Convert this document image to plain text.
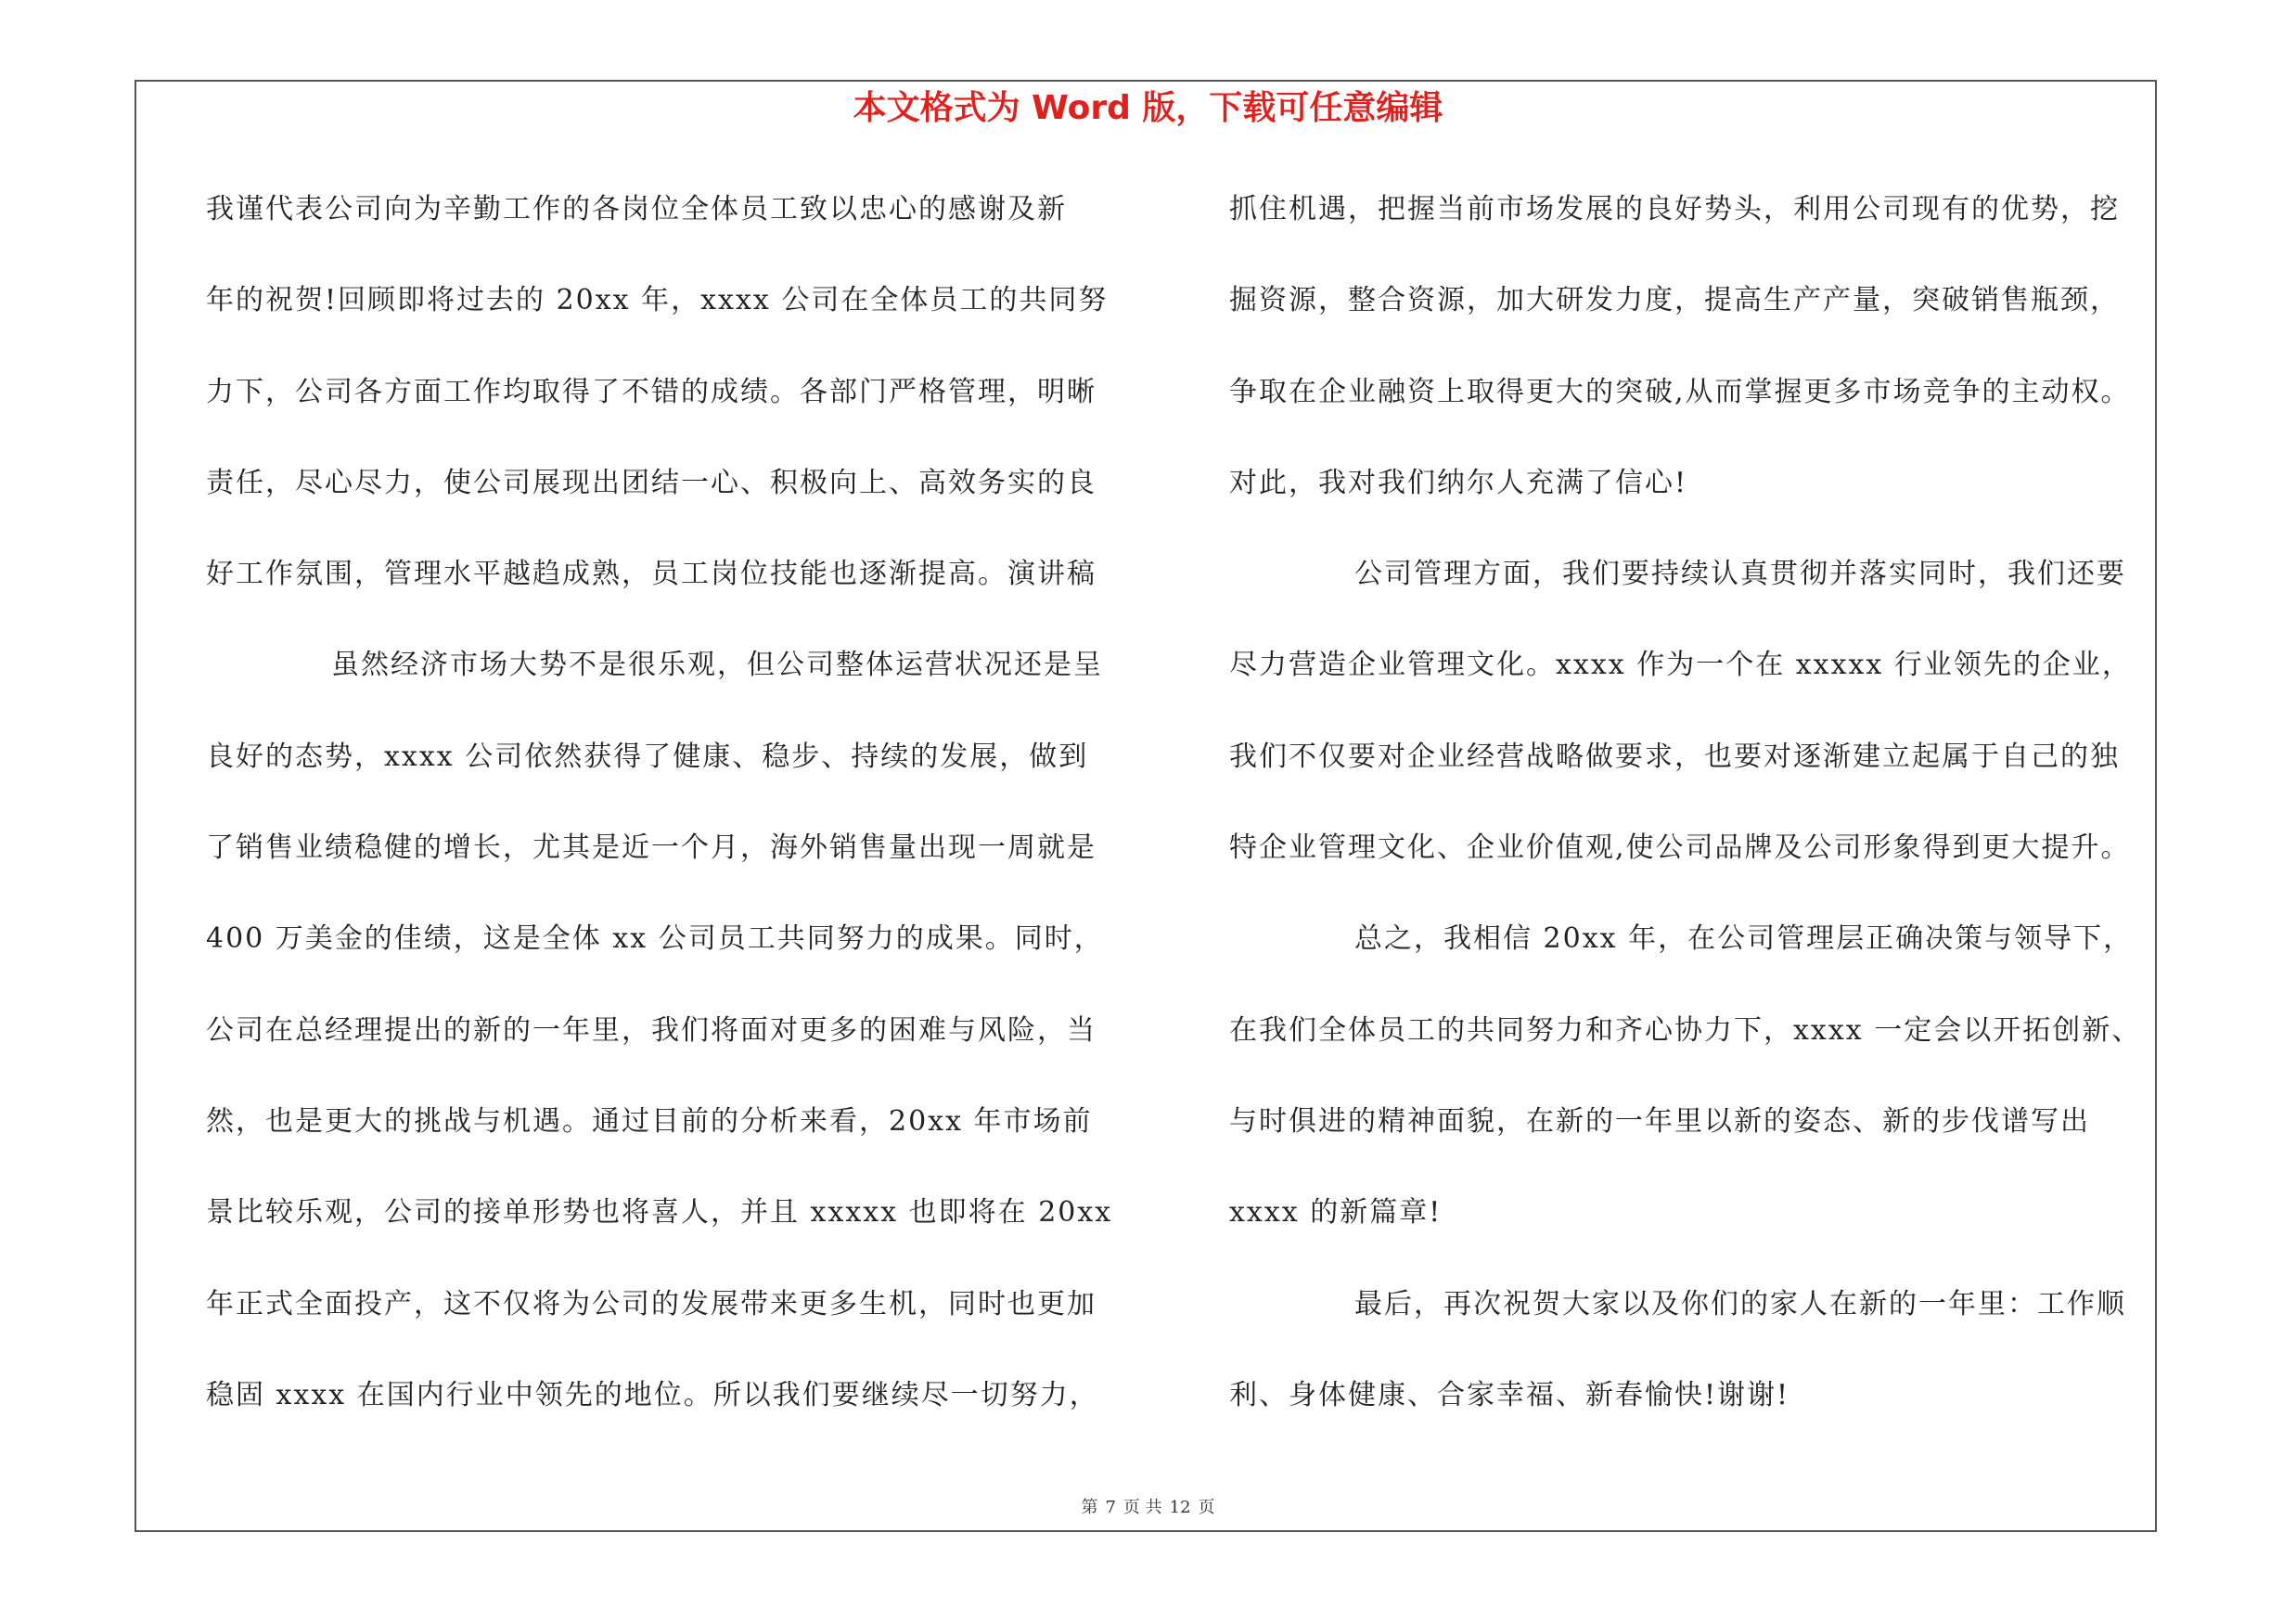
本文格式为 Word 版，下载可任意编辑
我谨代表公司向为辛勤工作的各岗位全体员工致以忠心的感谢及新
年的祝贺!回顾即将过去的 20xx 年，xxxx 公司在全体员工的共同努
力下，公司各方面工作均取得了不错的成绩。各部门严格管理，明晰
责任，尽心尽力，使公司展现出团结一心、积极向上、高效务实的良
好工作氛围，管理水平越趋成熟，员工岗位技能也逐渐提高。演讲稿
虽然经济市场大势不是很乐观，但公司整体运营状况还是呈
良好的态势，xxxx 公司依然获得了健康、稳步、持续的发展，做到
了销售业绩稳健的增长，尤其是近一个月，海外销售量出现一周就是
400 万美金的佳绩，这是全体 xx 公司员工共同努力的成果。同时，
公司在总经理提出的新的一年里，我们将面对更多的困难与风险，当
然，也是更大的挑战与机遇。通过目前的分析来看，20xx 年市场前
景比较乐观，公司的接单形势也将喜人，并且 xxxxx 也即将在 20xx
年正式全面投产，这不仅将为公司的发展带来更多生机，同时也更加
稳固 xxxx 在国内行业中领先的地位。所以我们要继续尽一切努力，
抓住机遇，把握当前市场发展的良好势头，利用公司现有的优势，挖
掘资源，整合资源，加大研发力度，提高生产产量，突破销售瓶颈，
争取在企业融资上取得更大的突破,从而掌握更多市场竞争的主动权。
对此，我对我们纳尔人充满了信心!
公司管理方面，我们要持续认真贯彻并落实同时，我们还要
尽力营造企业管理文化。xxxx 作为一个在 xxxxx 行业领先的企业，
我们不仅要对企业经营战略做要求，也要对逐渐建立起属于自己的独
特企业管理文化、企业价值观,使公司品牌及公司形象得到更大提升。
总之，我相信 20xx 年，在公司管理层正确决策与领导下，
在我们全体员工的共同努力和齐心协力下，xxxx 一定会以开拓创新、
与时俱进的精神面貌，在新的一年里以新的姿态、新的步伐谱写出
xxxx 的新篇章!
最后，再次祝贺大家以及你们的家人在新的一年里：工作顺
利、身体健康、合家幸福、新春愉快!谢谢!
第 7 页 共 12 页
